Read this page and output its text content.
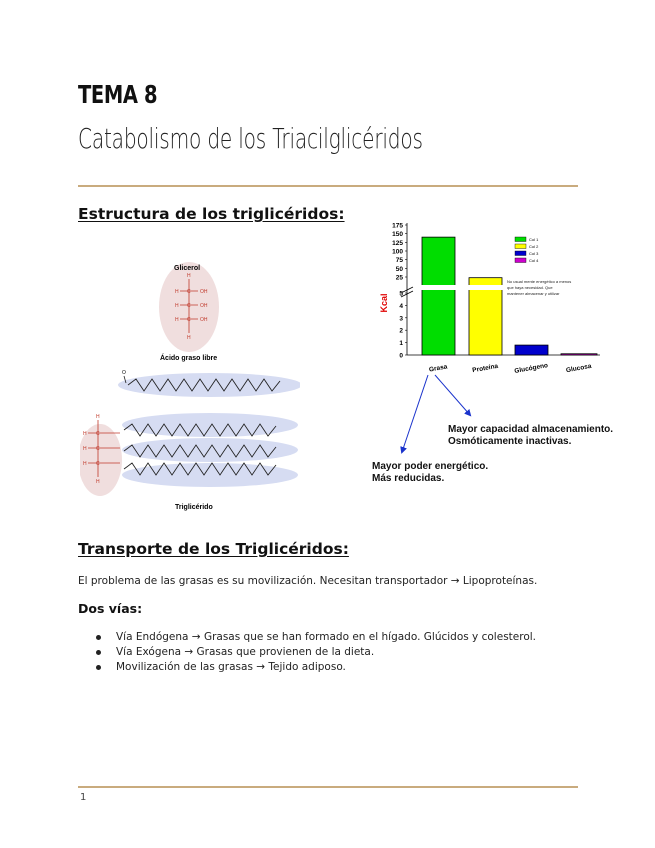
TEMA 8
Catabolismo de los Triacilglicéridos
Estructura de los triglicéridos:
Glicerol
H
H C OH
H C OH
H C OH
H
Ácido graso libre
O
H
H C
H C
H C
H
Triglicérido
Kcal
175
150
125
100
75
50
25
5
4
3
2
1
0
Grasa	Proteína Glucógeno	Glucosa
Col 1
Col 2
Col 3
Col 4
No usual mente energético a menos
que haya necesidad. Que
mantener almacenar y utilizar
Mayor capacidad almacenamiento.
Osmóticamente inactivas.
Mayor poder energético.
Más reducidas.
Transporte de los Triglicéridos:
El problema de las grasas es su movilización. Necesitan transportador → Lipoproteínas.
Dos vías:
Vía Endógena → Grasas que se han formado en el hígado. Glúcidos y colesterol.
Vía Exógena → Grasas que provienen de la dieta.
Movilización de las grasas → Tejido adiposo.
1
